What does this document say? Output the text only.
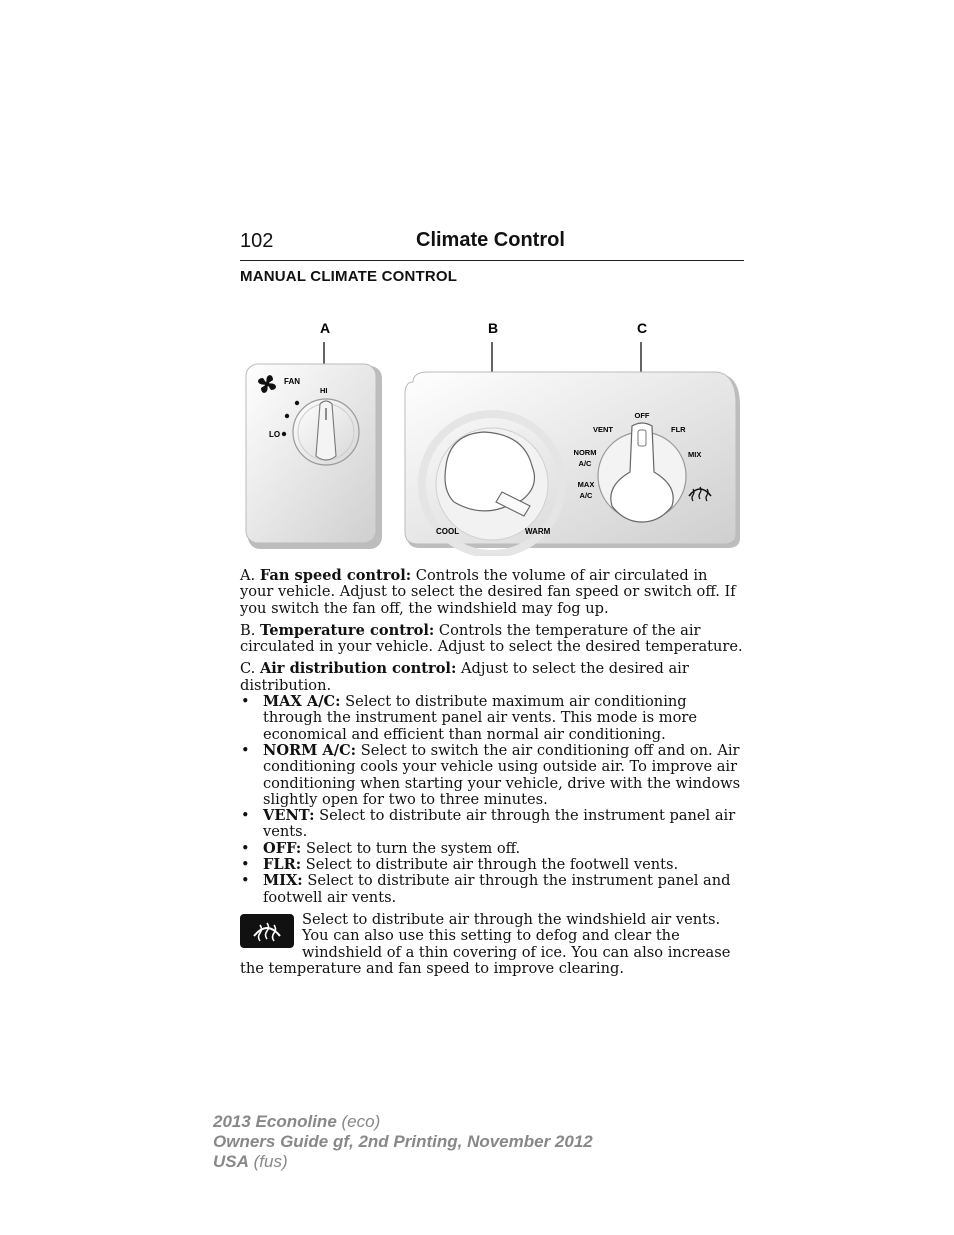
102	Climate Control
MANUAL CLIMATE CONTROL
A	B	C
FAN
HI
LO
COOL	WARM
OFF
VENT	FLR
NORM
A/C
MIX
MAX
A/C

A. Fan speed control: Controls the volume of air circulated in your vehicle. Adjust to select the desired fan speed or switch off. If you switch the fan off, the windshield may fog up.

B. Temperature control: Controls the temperature of the air circulated in your vehicle. Adjust to select the desired temperature.

C. Air distribution control: Adjust to select the desired air distribution.

• MAX A/C: Select to distribute maximum air conditioning through the instrument panel air vents. This mode is more economical and efficient than normal air conditioning.
• NORM A/C: Select to switch the air conditioning off and on. Air conditioning cools your vehicle using outside air. To improve air conditioning when starting your vehicle, drive with the windows slightly open for two to three minutes.
• VENT: Select to distribute air through the instrument panel air vents.
• OFF: Select to turn the system off.
• FLR: Select to distribute air through the footwell vents.
• MIX: Select to distribute air through the instrument panel and footwell air vents.
Select to distribute air through the windshield air vents. You can also use this setting to defog and clear the windshield of a thin covering of ice. You can also increase the temperature and fan speed to improve clearing.
2013 Econoline (eco)
Owners Guide gf, 2nd Printing, November 2012
USA (fus)
